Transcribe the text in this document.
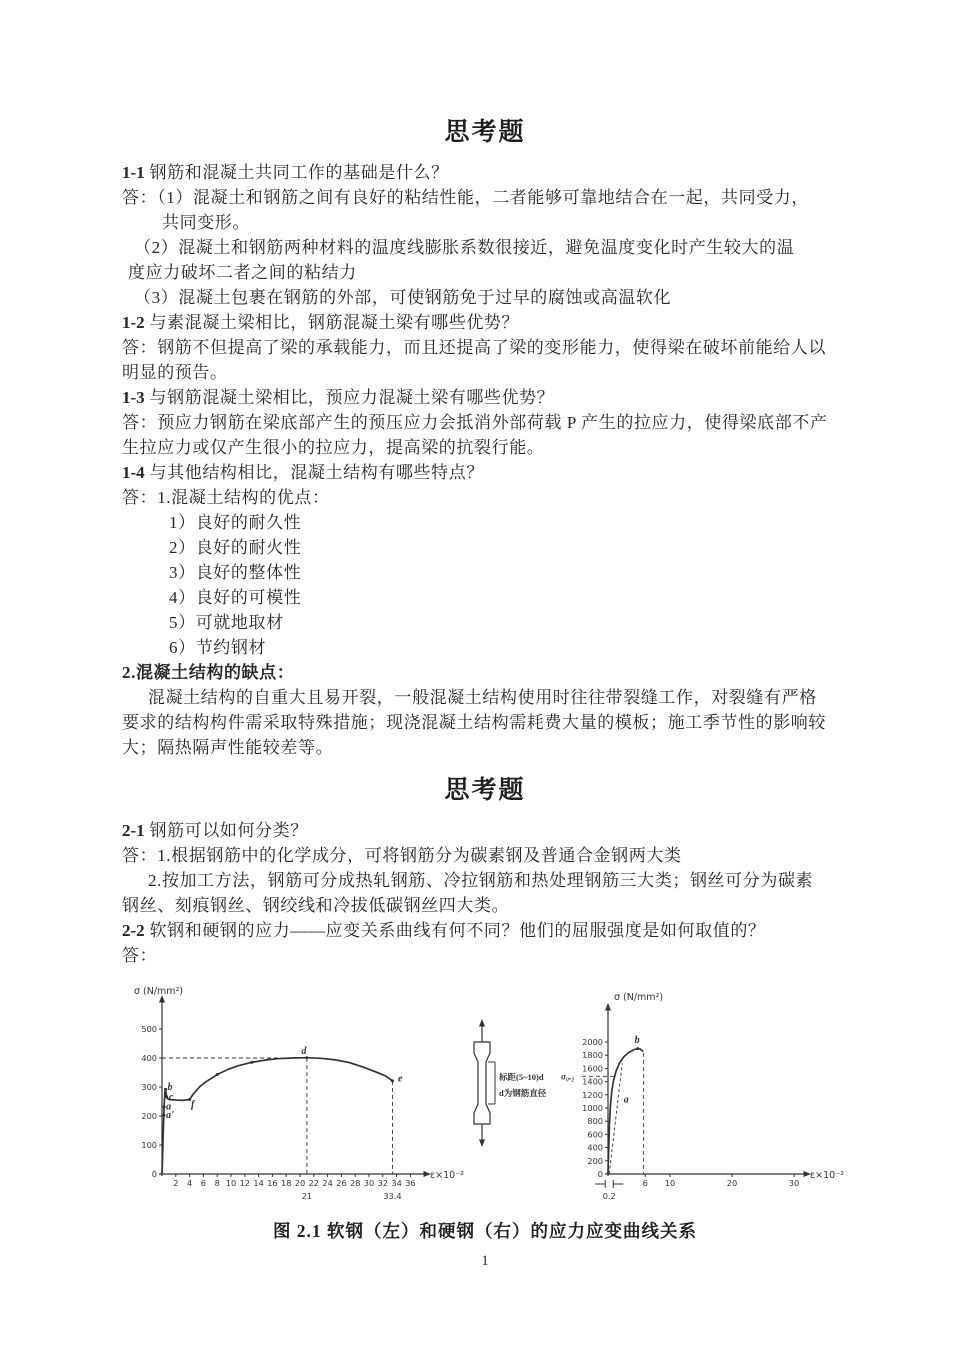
思考题
1-1 钢筋和混凝土共同工作的基础是什么？
答：（1）混凝土和钢筋之间有良好的粘结性能，二者能够可靠地结合在一起，共同受力，
共同变形。
（2）混凝土和钢筋两种材料的温度线膨胀系数很接近，避免温度变化时产生较大的温
度应力破坏二者之间的粘结力
（3）混凝土包裹在钢筋的外部，可使钢筋免于过早的腐蚀或高温软化
1-2 与素混凝土梁相比，钢筋混凝土梁有哪些优势？
答：钢筋不但提高了梁的承载能力，而且还提高了梁的变形能力，使得梁在破坏前能给人以
明显的预告。
1-3 与钢筋混凝土梁相比，预应力混凝土梁有哪些优势？
答：预应力钢筋在梁底部产生的预压应力会抵消外部荷载 P 产生的拉应力，使得梁底部不产
生拉应力或仅产生很小的拉应力，提高梁的抗裂行能。
1-4 与其他结构相比，混凝土结构有哪些特点？
答：1.混凝土结构的优点：
1）良好的耐久性
2）良好的耐火性
3）良好的整体性
4）良好的可模性
5）可就地取材
6）节约钢材
2.混凝土结构的缺点：
混凝土结构的自重大且易开裂，一般混凝土结构使用时往往带裂缝工作，对裂缝有严格
要求的结构构件需采取特殊措施；现浇混凝土结构需耗费大量的模板；施工季节性的影响较
大；隔热隔声性能较差等。
思考题
2-1 钢筋可以如何分类？
答：1.根据钢筋中的化学成分，可将钢筋分为碳素钢及普通合金钢两大类
2.按加工方法，钢筋可分成热轧钢筋、冷拉钢筋和热处理钢筋三大类；钢丝可分为碳素
钢丝、刻痕钢丝、钢绞线和冷拔低碳钢丝四大类。
2-2 软钢和硬钢的应力——应变关系曲线有何不同？他们的屈服强度是如何取值的？
答：
σ (N/mm²)
ε×10⁻²
0
100
200
300
400
500
2 4 6 8 10 12 14 16 18 20 22 24 26 28 30 32 34 36
21	33.4
b
c
a
a'
f
d
e	标距(5~10)d
d为钢筋直径
σ (N/mm²)
ε×10⁻²
0
200
400
600
800
1000
1200
1400
1600
1800
2000
6 10	20	30
0.2
a
b
σ₀.₂
图 2.1 软钢（左）和硬钢（右）的应力应变曲线关系
1
